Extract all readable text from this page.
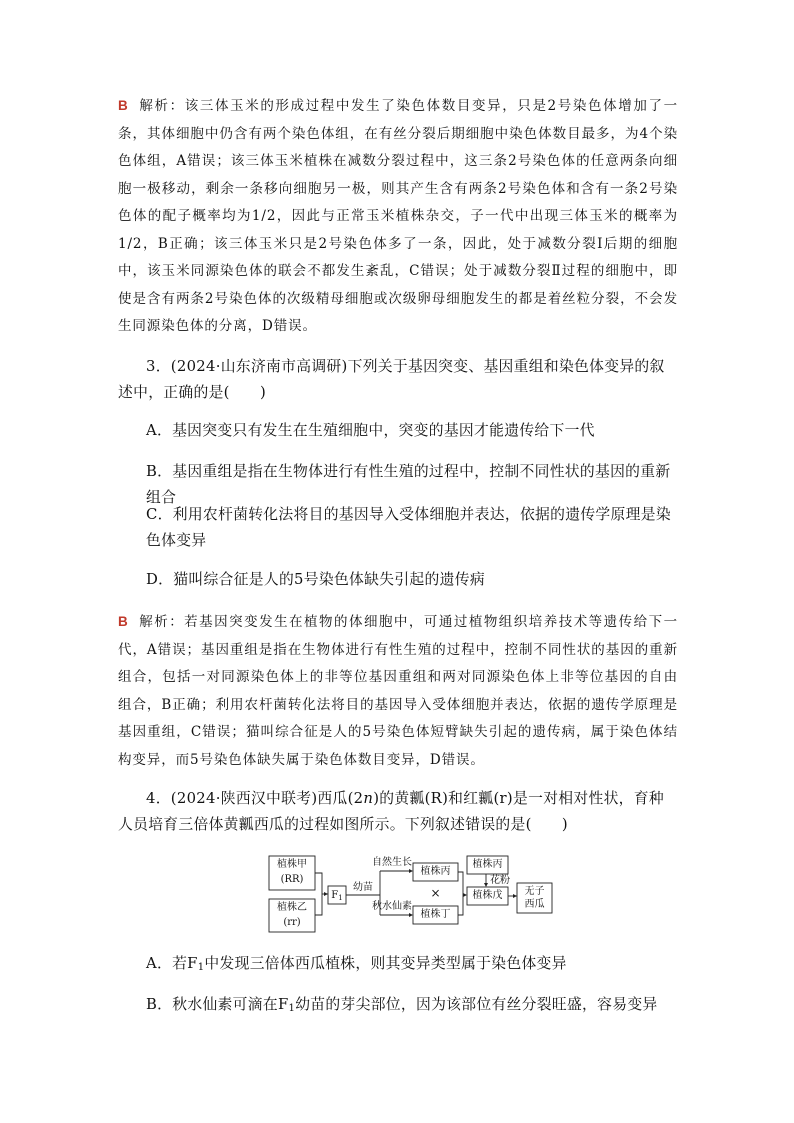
B 解析：该三体玉米的形成过程中发生了染色体数目变异，只是2号染色体增加了一条，其体细胞中仍含有两个染色体组，在有丝分裂后期细胞中染色体数目最多，为4个染色体组，A错误；该三体玉米植株在减数分裂过程中，这三条2号染色体的任意两条向细胞一极移动，剩余一条移向细胞另一极，则其产生含有两条2号染色体和含有一条2号染色体的配子概率均为1/2，因此与正常玉米植株杂交，子一代中出现三体玉米的概率为1/2，B正确；该三体玉米只是2号染色体多了一条，因此，处于减数分裂Ⅰ后期的细胞中，该玉米同源染色体的联会不都发生紊乱，C错误；处于减数分裂Ⅱ过程的细胞中，即使是含有两条2号染色体的次级精母细胞或次级卵母细胞发生的都是着丝粒分裂，不会发生同源染色体的分离，D错误。

3．(2024·山东济南市高调研)下列关于基因突变、基因重组和染色体变异的叙述中，正确的是(　　)

A．基因突变只有发生在生殖细胞中，突变的基因才能遗传给下一代

B．基因重组是指在生物体进行有性生殖的过程中，控制不同性状的基因的重新组合

C．利用农杆菌转化法将目的基因导入受体细胞并表达，依据的遗传学原理是染色体变异

D．猫叫综合征是人的5号染色体缺失引起的遗传病

B 解析：若基因突变发生在植物的体细胞中，可通过植物组织培养技术等遗传给下一代，A错误；基因重组是指在生物体进行有性生殖的过程中，控制不同性状的基因的重新组合，包括一对同源染色体上的非等位基因重组和两对同源染色体上非等位基因的自由组合，B正确；利用农杆菌转化法将目的基因导入受体细胞并表达，依据的遗传学原理是基因重组，C错误；猫叫综合征是人的5号染色体短臂缺失引起的遗传病，属于染色体结构变异，而5号染色体缺失属于染色体数目变异，D错误。

4．(2024·陕西汉中联考)西瓜(2n)的黄瓤(R)和红瓤(r)是一对相对性状，育种人员培育三倍体黄瓤西瓜的过程如图所示。下列叙述错误的是(　　)

植株甲
(RR)
植株乙
(rr)
$F_1$
幼苗
自然生长
秋水仙素
植株丙
×
植株丁
植株丙
花粉
植株戊	无子
西瓜

A．若$F_1$中发现三倍体西瓜植株，则其变异类型属于染色体变异

B．秋水仙素可滴在$F_1$幼苗的芽尖部位，因为该部位有丝分裂旺盛，容易变异
